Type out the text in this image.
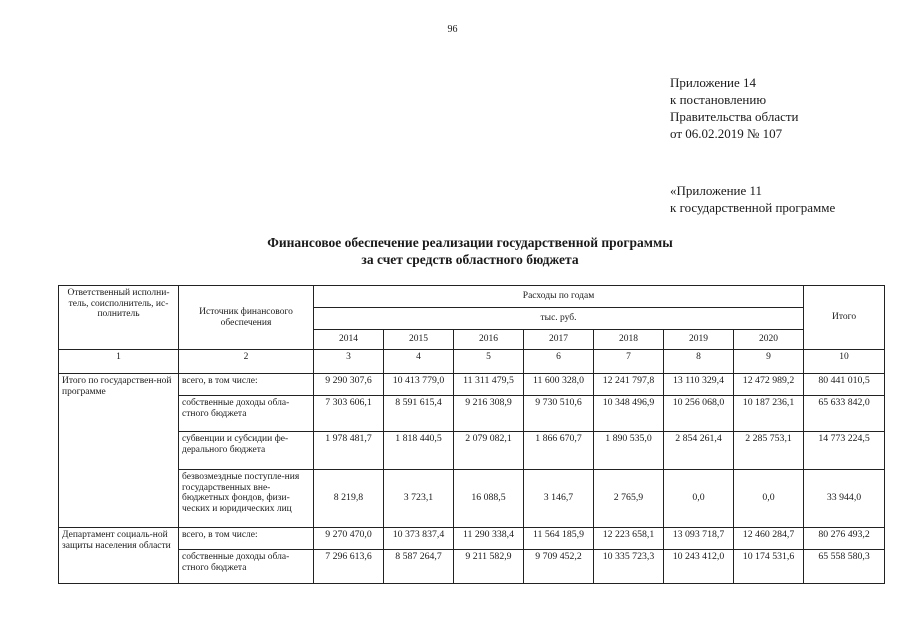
96
Приложение 14
к постановлению
Правительства области
от 06.02.2019 № 107
«Приложение 11
к государственной программе
Финансовое обеспечение реализации государственной программы
за счет средств областного бюджета
Ответственный исполни-тель, соисполнитель, ис-полнитель	Источник финансового обеспечения	Расходы по годам							Итого
		тыс. руб.							
		2014	2015	2016	2017	2018	2019	2020	
1	2	3	4	5	6	7	8	9	10
Итого по государствен-ной программе	всего, в том числе:	9 290 307,6	10 413 779,0	11 311 479,5	11 600 328,0	12 241 797,8	13 110 329,4	12 472 989,2	80 441 010,5
	собственные доходы обла-стного бюджета	7 303 606,1	8 591 615,4	9 216 308,9	9 730 510,6	10 348 496,9	10 256 068,0	10 187 236,1	65 633 842,0
	субвенции и субсидии фе-дерального бюджета	1 978 481,7	1 818 440,5	2 079 082,1	1 866 670,7	1 890 535,0	2 854 261,4	2 285 753,1	14 773 224,5
	безвозмездные поступле-ния государственных вне-бюджетных фондов, физи-ческих и юридических лиц	8 219,8	3 723,1	16 088,5	3 146,7	2 765,9	0,0	0,0	33 944,0
Департамент социаль-ной защиты населения области	всего, в том числе:	9 270 470,0	10 373 837,4	11 290 338,4	11 564 185,9	12 223 658,1	13 093 718,7	12 460 284,7	80 276 493,2
	собственные доходы обла-стного бюджета	7 296 613,6	8 587 264,7	9 211 582,9	9 709 452,2	10 335 723,3	10 243 412,0	10 174 531,6	65 558 580,3
